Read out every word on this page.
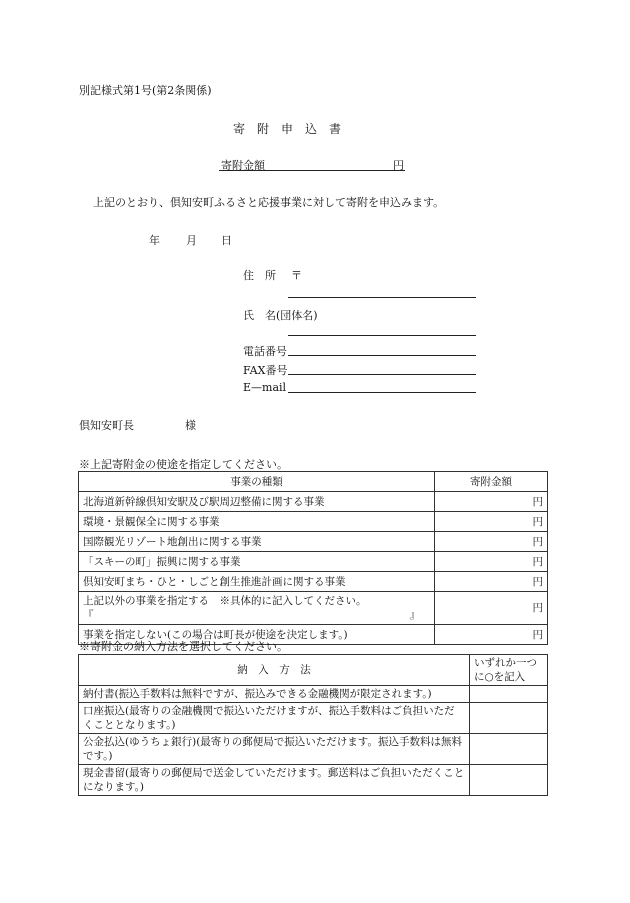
別記様式第1号(第2条関係)
寄　附　申　込　書
寄附金額	円
上記のとおり、倶知安町ふるさと応援事業に対して寄附を申込みます。
年 月 日
住　所 〒
氏　名(団体名)
電話番号
FAX番号
E—mail
倶知安町長	様
※上記寄附金の使途を指定してください。
事業の種類	寄附金額
北海道新幹線倶知安駅及び駅周辺整備に関する事業	円
環境・景観保全に関する事業	円
国際観光リゾート地創出に関する事業	円
「スキーの町」振興に関する事業	円
倶知安町まち・ひと・しごと創生推進計画に関する事業	円

上記以外の事業を指定する　※具体的に記入してください。
『 』	円
事業を指定しない(この場合は町長が使途を決定します。)	円
※寄附金の納入方法を選択してください。
納　入　方　法	いずれか一つに○を記入
納付書(振込手数料は無料ですが、振込みできる金融機関が限定されます。)	
口座振込(最寄りの金融機関で振込いただけますが、振込手数料はご負担いただくこととなります。)	
公金払込(ゆうちょ銀行)(最寄りの郵便局で振込いただけます。振込手数料は無料です。)	
現金書留(最寄りの郵便局で送金していただけます。郵送料はご負担いただくことになります。)	
